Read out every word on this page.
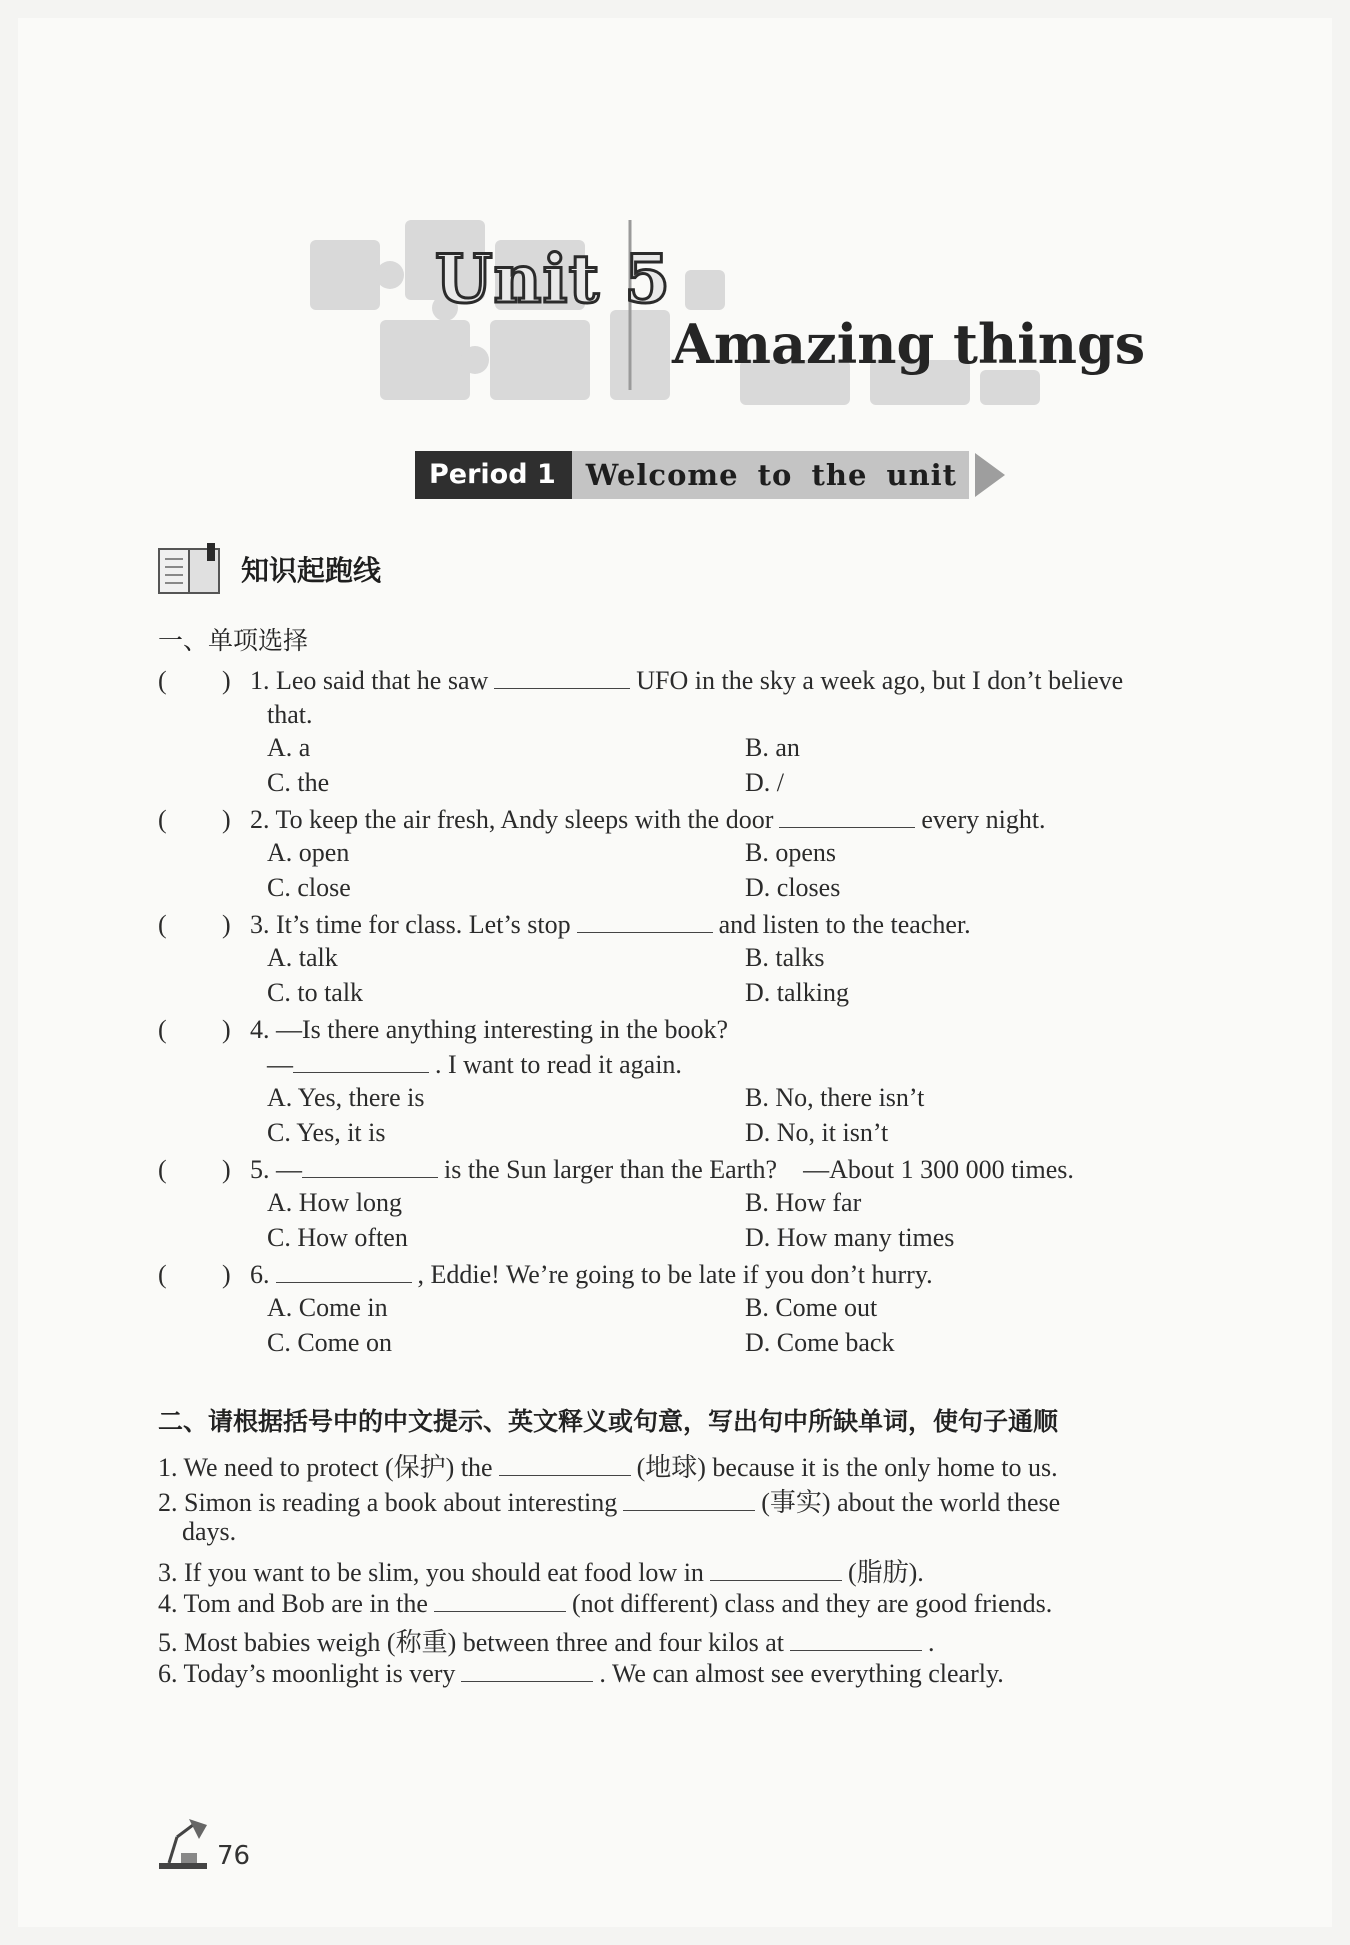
Unit 5
Amazing things
Period 1	Welcome to the unit
知识起跑线
一、单项选择
( ) 1. Leo said that he saw	UFO in the sky a week ago, but I don’t believe
that.
A. a	B. an
C. the	D. /
( ) 2. To keep the air fresh, Andy sleeps with the door	every night.
A. open	B. opens
C. close	D. closes
( ) 3. It’s time for class. Let’s stop	and listen to the teacher.
A. talk	B. talks
C. to talk	D. talking
( ) 4. —Is there anything interesting in the book?
—	. I want to read it again.
A. Yes, there is	B. No, there isn’t
C. Yes, it is	D. No, it isn’t
( ) 5. —	is the Sun larger than the Earth?    —About 1 300 000 times.
A. How long	B. How far
C. How often	D. How many times
( ) 6.	, Eddie! We’re going to be late if you don’t hurry.
A. Come in	B. Come out
C. Come on	D. Come back
二、请根据括号中的中文提示、英文释义或句意，写出句中所缺单词，使句子通顺
1. We need to protect (保护) the	(地球) because it is the only home to us.
2. Simon is reading a book about interesting	(事实) about the world these
days.
3. If you want to be slim, you should eat food low in	(脂肪).
4. Tom and Bob are in the	(not different) class and they are good friends.
5. Most babies weigh (称重) between three and four kilos at	.
6. Today’s moonlight is very	. We can almost see everything clearly.
76
